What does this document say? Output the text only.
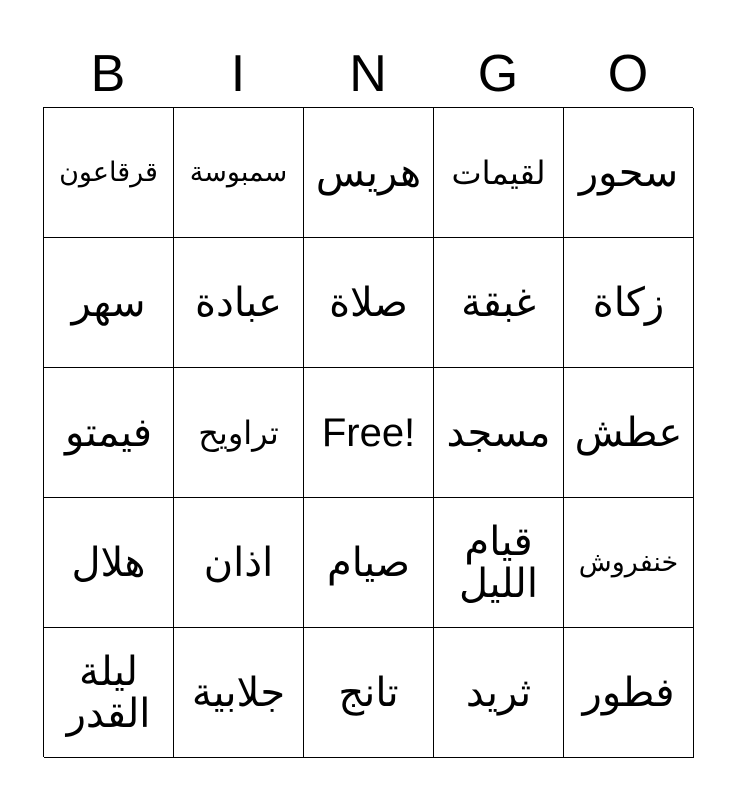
B	I	N	G	O
قرقاعون سمبوسة هريس لقيمات سحور
سهر عبادة صلاة غبقة زكاة
فيمتو تراويح Free! مسجد عطش
هلال اذان صيام	قيام الليل	خنفروش
ليلة القدر	جلابية تانج ثريد فطور
